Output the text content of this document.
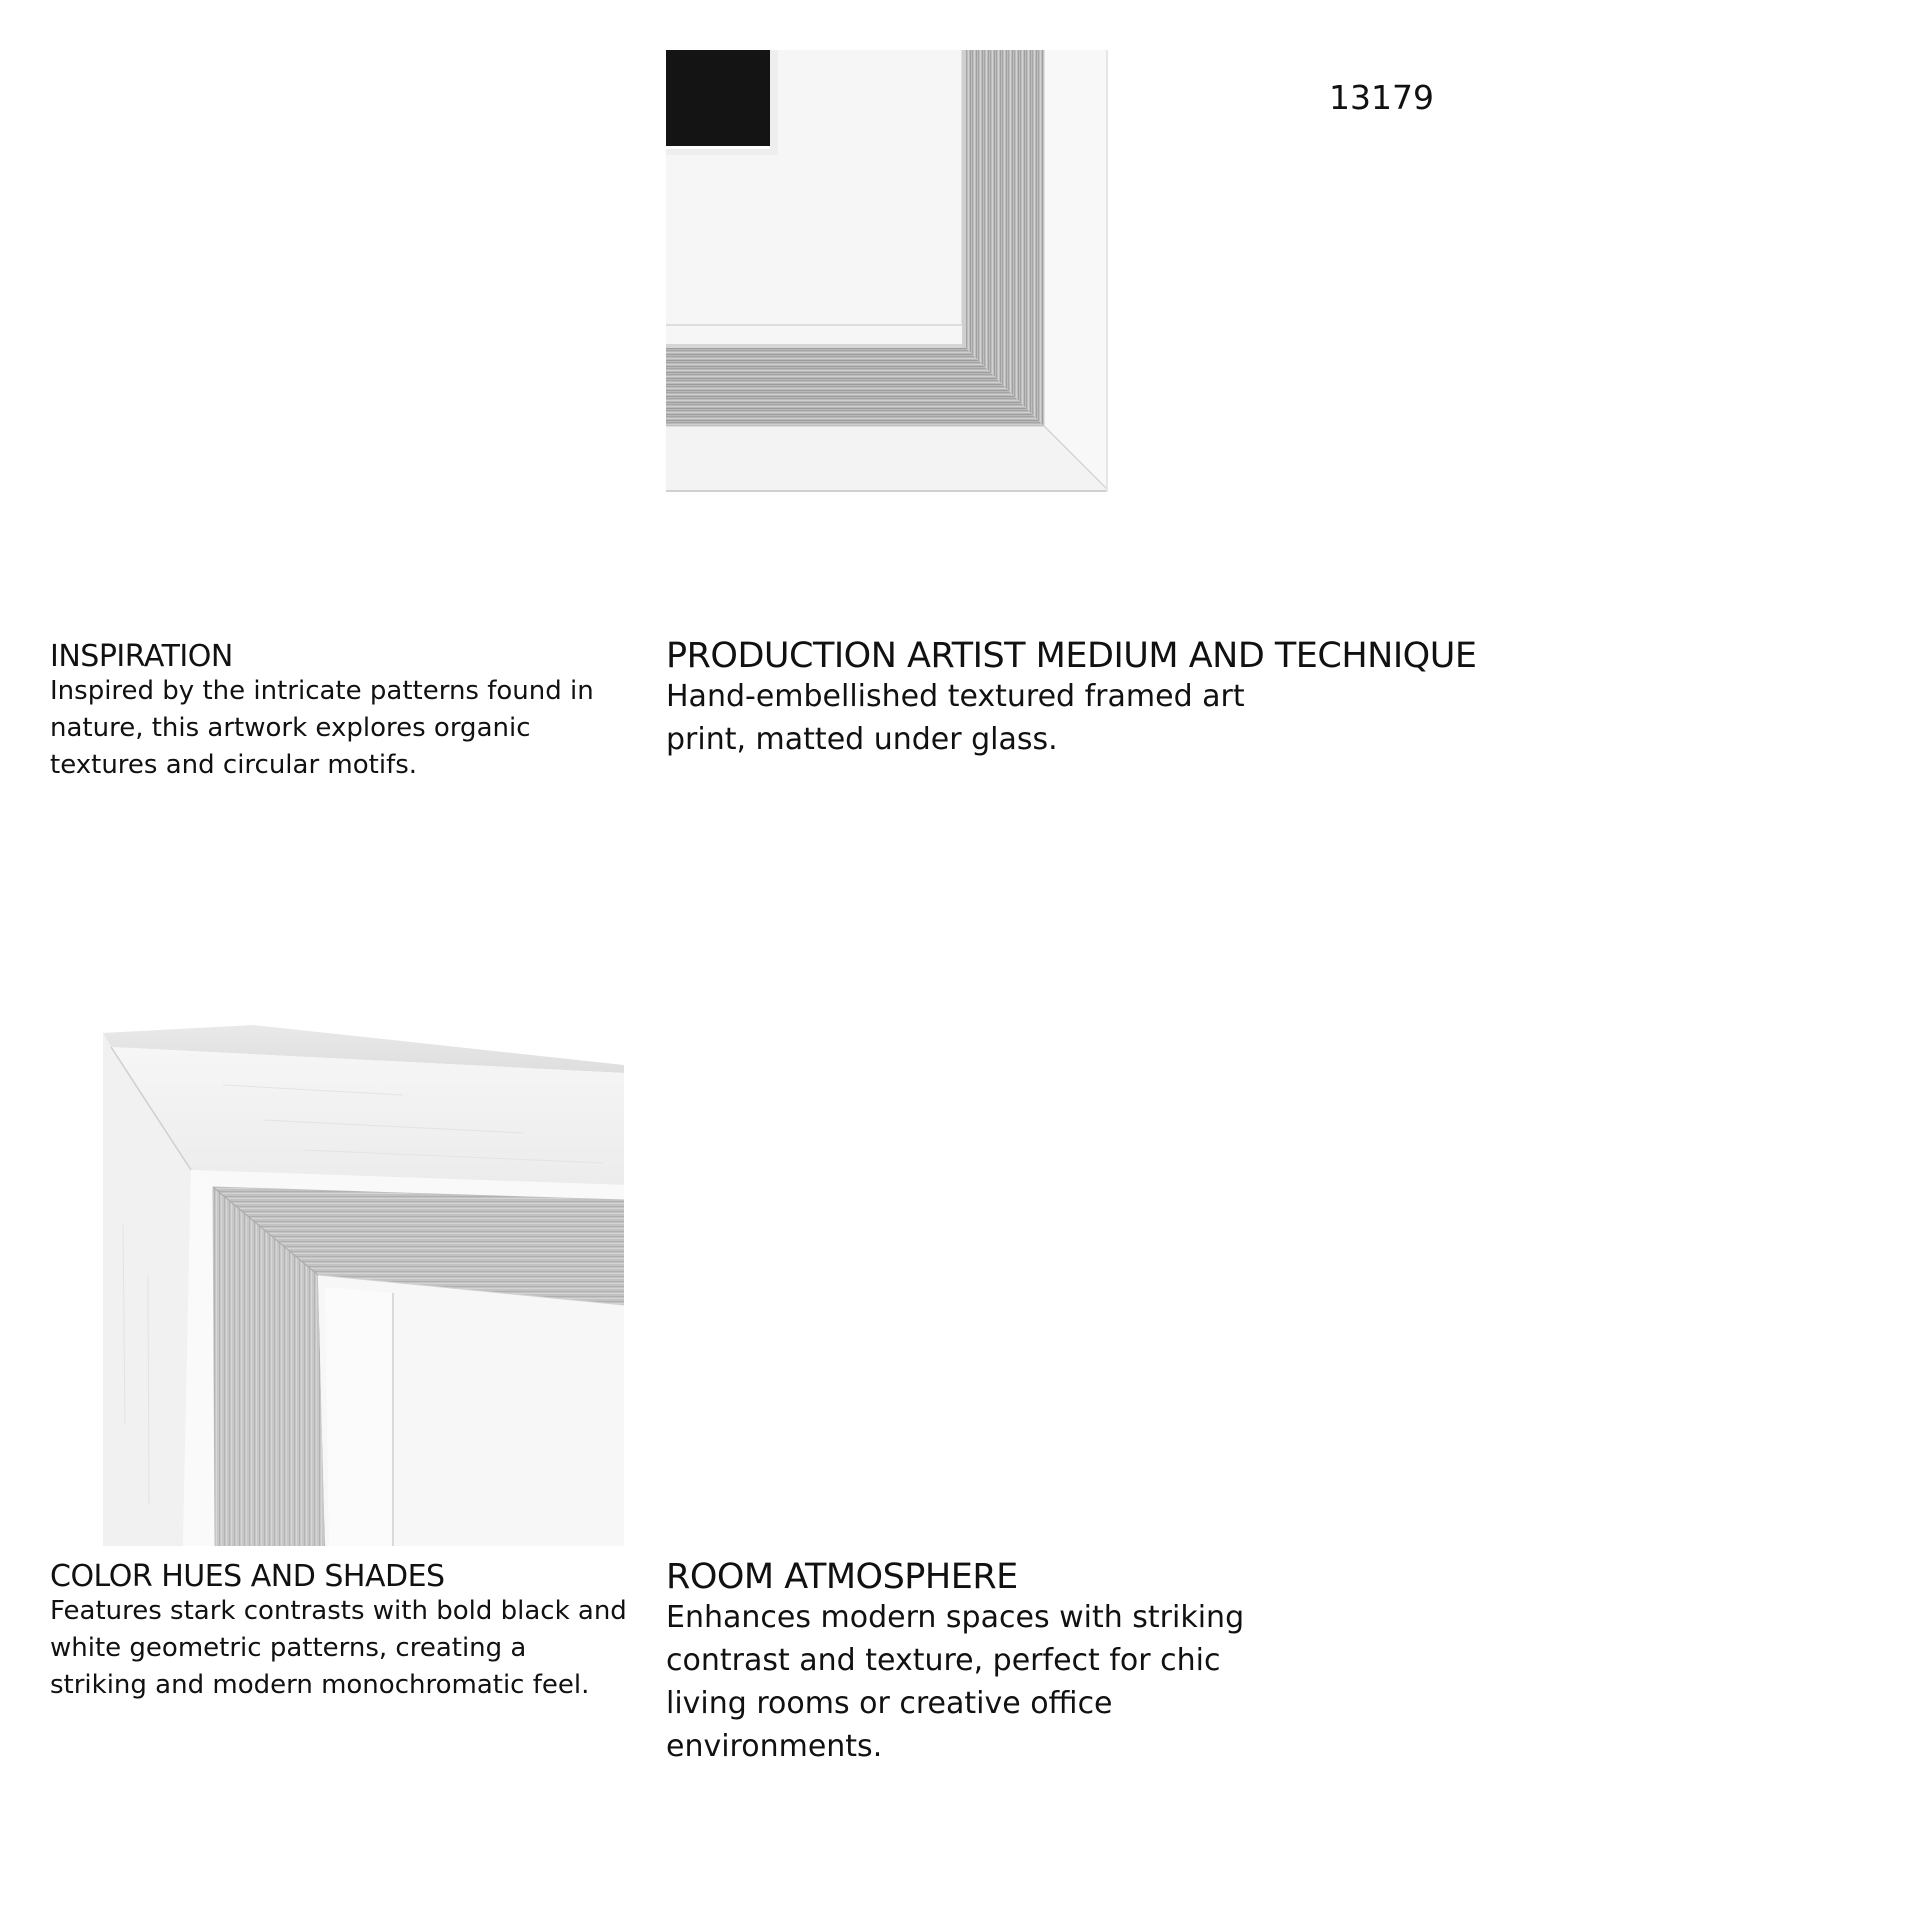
13179
INSPIRATION

Inspired by the intricate patterns found in nature, this artwork explores organic textures and circular motifs.

PRODUCTION ARTIST MEDIUM AND TECHNIQUE

Hand-embellished textured framed art print, matted under glass.

COLOR HUES AND SHADES

Features stark contrasts with bold black and white geometric patterns, creating a striking and modern monochromatic feel.

ROOM ATMOSPHERE

Enhances modern spaces with striking contrast and texture, perfect for chic living rooms or creative office environments.
